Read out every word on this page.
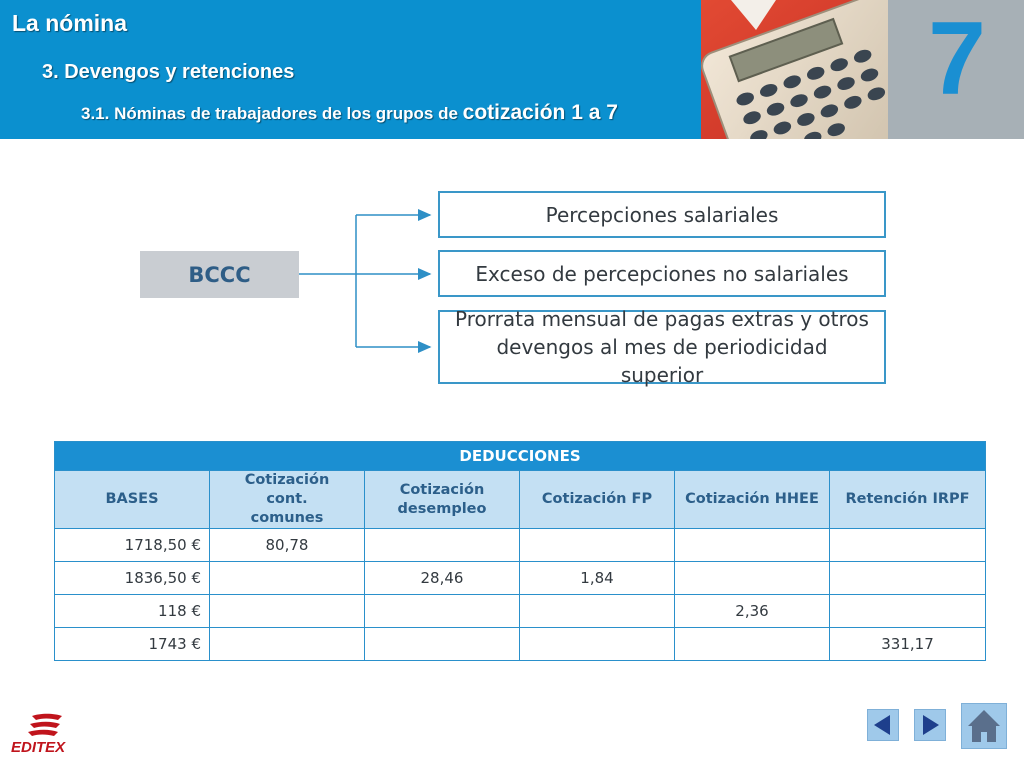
La nómina
3. Devengos y retenciones
3.1. Nóminas de trabajadores de los grupos de cotización 1 a 7	7
BCCC
Percepciones salariales
Exceso de percepciones no salariales
Prorrata mensual de pagas extras y otros devengos al mes de periodicidad superior
DEDUCCIONES					
BASES	Cotización cont. comunes	Cotización desempleo	Cotización FP	Cotización HHEE	Retención IRPF
1718,50 €	80,78				
1836,50 €		28,46	1,84		
118 €				2,36	
1743 €					331,17
EDITEX
